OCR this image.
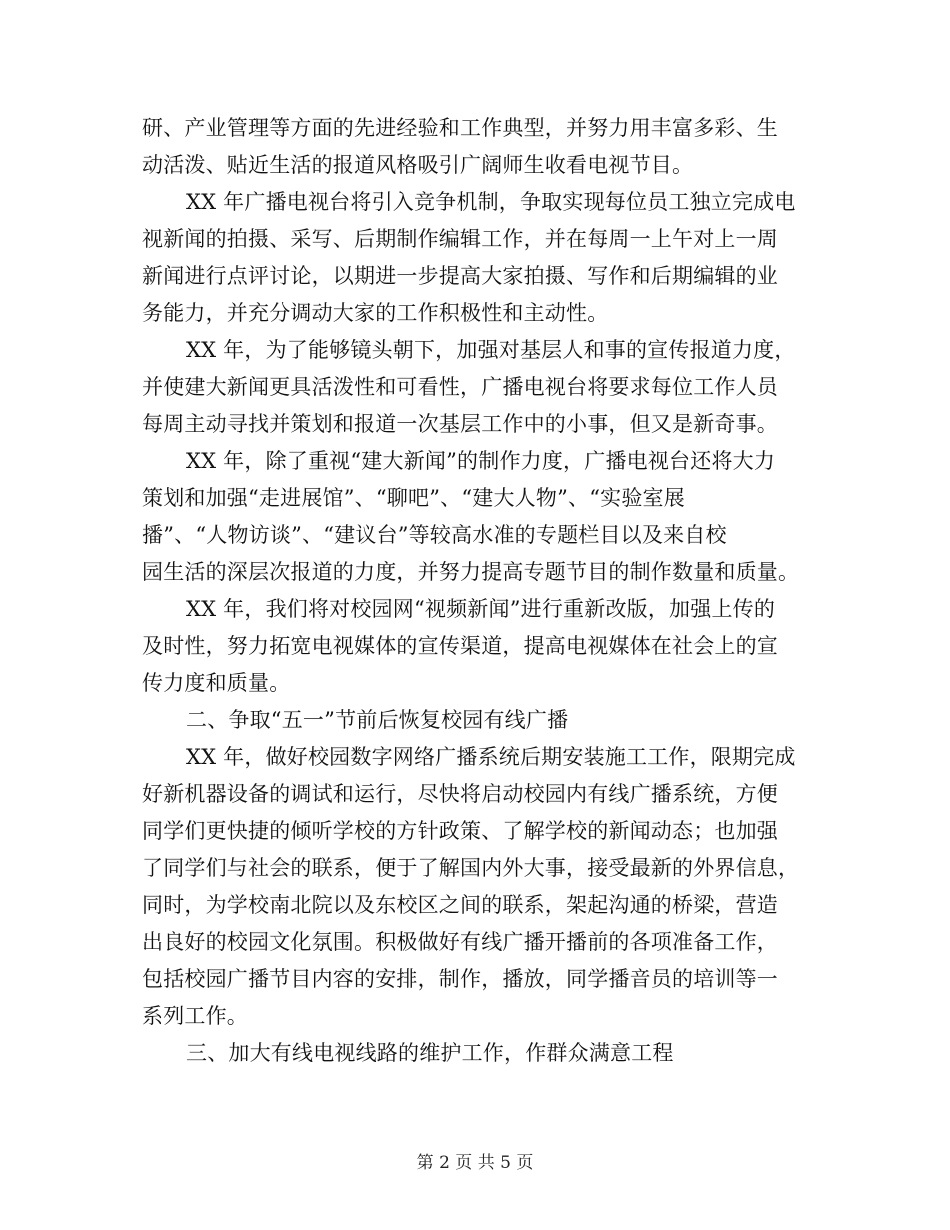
研、产业管理等方面的先进经验和工作典型，并努力用丰富多彩、生
动活泼、贴近生活的报道风格吸引广阔师生收看电视节目。
XX 年广播电视台将引入竞争机制，争取实现每位员工独立完成电
视新闻的拍摄、采写、后期制作编辑工作，并在每周一上午对上一周
新闻进行点评讨论，以期进一步提高大家拍摄、写作和后期编辑的业
务能力，并充分调动大家的工作积极性和主动性。
XX 年，为了能够镜头朝下，加强对基层人和事的宣传报道力度，
并使建大新闻更具活泼性和可看性，广播电视台将要求每位工作人员
每周主动寻找并策划和报道一次基层工作中的小事，但又是新奇事。
XX 年，除了重视“建大新闻”的制作力度，广播电视台还将大力
策划和加强“走进展馆”、“聊吧”、“建大人物”、“实验室展
播”、“人物访谈”、“建议台”等较高水准的专题栏目以及来自校
园生活的深层次报道的力度，并努力提高专题节目的制作数量和质量。
XX 年，我们将对校园网“视频新闻”进行重新改版，加强上传的
及时性，努力拓宽电视媒体的宣传渠道，提高电视媒体在社会上的宣
传力度和质量。
二、争取“五一”节前后恢复校园有线广播
XX 年，做好校园数字网络广播系统后期安装施工工作，限期完成
好新机器设备的调试和运行，尽快将启动校园内有线广播系统，方便
同学们更快捷的倾听学校的方针政策、了解学校的新闻动态；也加强
了同学们与社会的联系，便于了解国内外大事，接受最新的外界信息，
同时，为学校南北院以及东校区之间的联系，架起沟通的桥梁，营造
出良好的校园文化氛围。积极做好有线广播开播前的各项准备工作，
包括校园广播节目内容的安排，制作，播放，同学播音员的培训等一
系列工作。
三、加大有线电视线路的维护工作，作群众满意工程
第 2 页 共 5 页
